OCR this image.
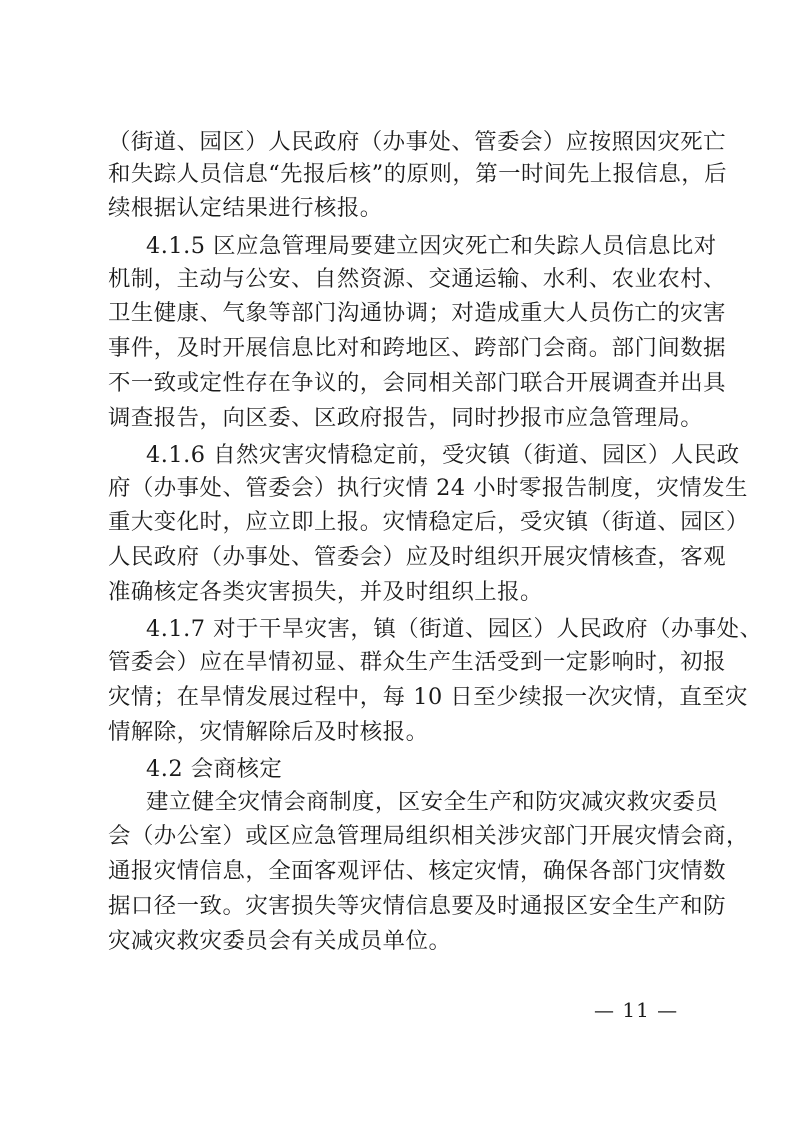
（街道、园区）人民政府（办事处、管委会）应按照因灾死亡
和失踪人员信息“先报后核”的原则，第一时间先上报信息，后
续根据认定结果进行核报。
4.1.5 区应急管理局要建立因灾死亡和失踪人员信息比对
机制，主动与公安、自然资源、交通运输、水利、农业农村、
卫生健康、气象等部门沟通协调；对造成重大人员伤亡的灾害
事件，及时开展信息比对和跨地区、跨部门会商。部门间数据
不一致或定性存在争议的，会同相关部门联合开展调查并出具
调查报告，向区委、区政府报告，同时抄报市应急管理局。
4.1.6 自然灾害灾情稳定前，受灾镇（街道、园区）人民政
府（办事处、管委会）执行灾情 24 小时零报告制度，灾情发生
重大变化时，应立即上报。灾情稳定后，受灾镇（街道、园区）
人民政府（办事处、管委会）应及时组织开展灾情核查，客观
准确核定各类灾害损失，并及时组织上报。
4.1.7 对于干旱灾害，镇（街道、园区）人民政府（办事处、
管委会）应在旱情初显、群众生产生活受到一定影响时，初报
灾情；在旱情发展过程中，每 10 日至少续报一次灾情，直至灾
情解除，灾情解除后及时核报。
4.2 会商核定
建立健全灾情会商制度，区安全生产和防灾减灾救灾委员
会（办公室）或区应急管理局组织相关涉灾部门开展灾情会商，
通报灾情信息，全面客观评估、核定灾情，确保各部门灾情数
据口径一致。灾害损失等灾情信息要及时通报区安全生产和防
灾减灾救灾委员会有关成员单位。
— 11 —
